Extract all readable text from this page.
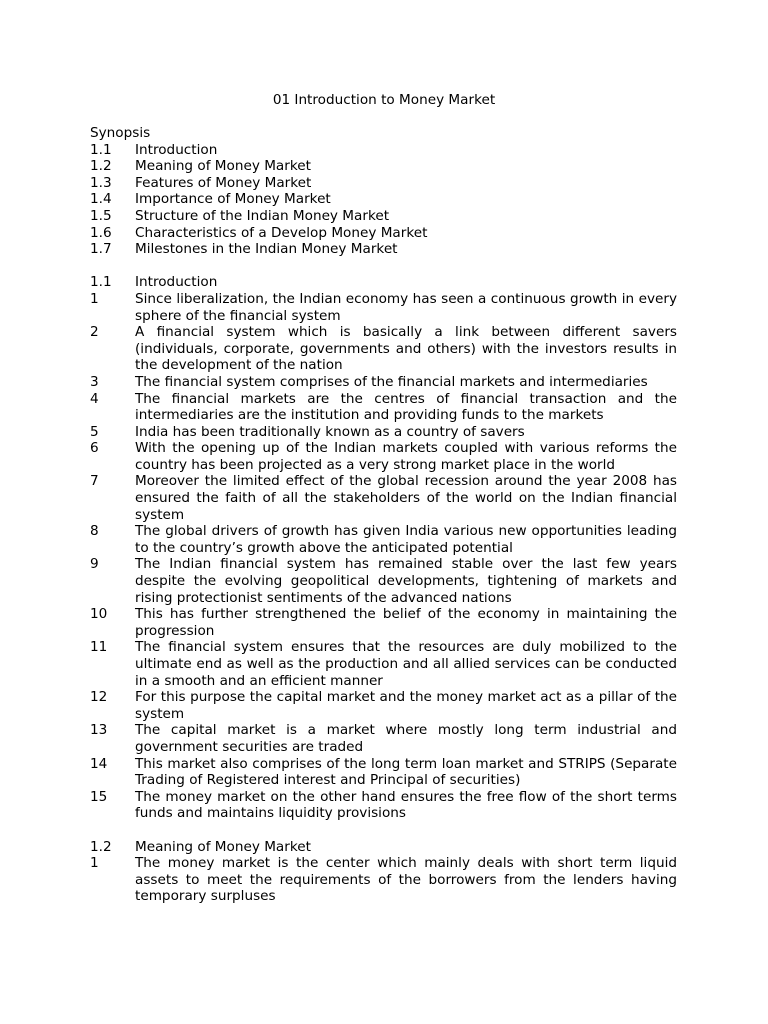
01 Introduction to Money Market
Synopsis
1.1	Introduction
1.2	Meaning of Money Market
1.3	Features of Money Market
1.4	Importance of Money Market
1.5	Structure of the Indian Money Market
1.6	Characteristics of a Develop Money Market
1.7	Milestones in the Indian Money Market
1.1	Introduction
1	Since liberalization, the Indian economy has seen a continuous growth in every sphere of the financial system
2	A financial system which is basically a link between different savers (individuals, corporate, governments and others) with the investors results in the development of the nation
3	The financial system comprises of the financial markets and intermediaries
4	The financial markets are the centres of financial transaction and the intermediaries are the institution and providing funds to the markets
5	India has been traditionally known as a country of savers
6	With the opening up of the Indian markets coupled with various reforms the country has been projected as a very strong market place in the world
7	Moreover the limited effect of the global recession around the year 2008 has ensured the faith of all the stakeholders of the world on the Indian financial system
8	The global drivers of growth has given India various new opportunities leading to the country’s growth above the anticipated potential
9	The Indian financial system has remained stable over the last few years despite the evolving geopolitical developments, tightening of markets and rising protectionist sentiments of the advanced nations
10	This has further strengthened the belief of the economy in maintaining the progression
11	The financial system ensures that the resources are duly mobilized to the ultimate end as well as the production and all allied services can be conducted in a smooth and an efficient manner
12	For this purpose the capital market and the money market act as a pillar of the system
13	The capital market is a market where mostly long term industrial and government securities are traded
14	This market also comprises of the long term loan market and STRIPS (Separate Trading of Registered interest and Principal of securities)
15	The money market on the other hand ensures the free flow of the short terms funds and maintains liquidity provisions
1.2	Meaning of Money Market
1	The money market is the center which mainly deals with short term liquid assets to meet the requirements of the borrowers from the lenders having temporary surpluses
